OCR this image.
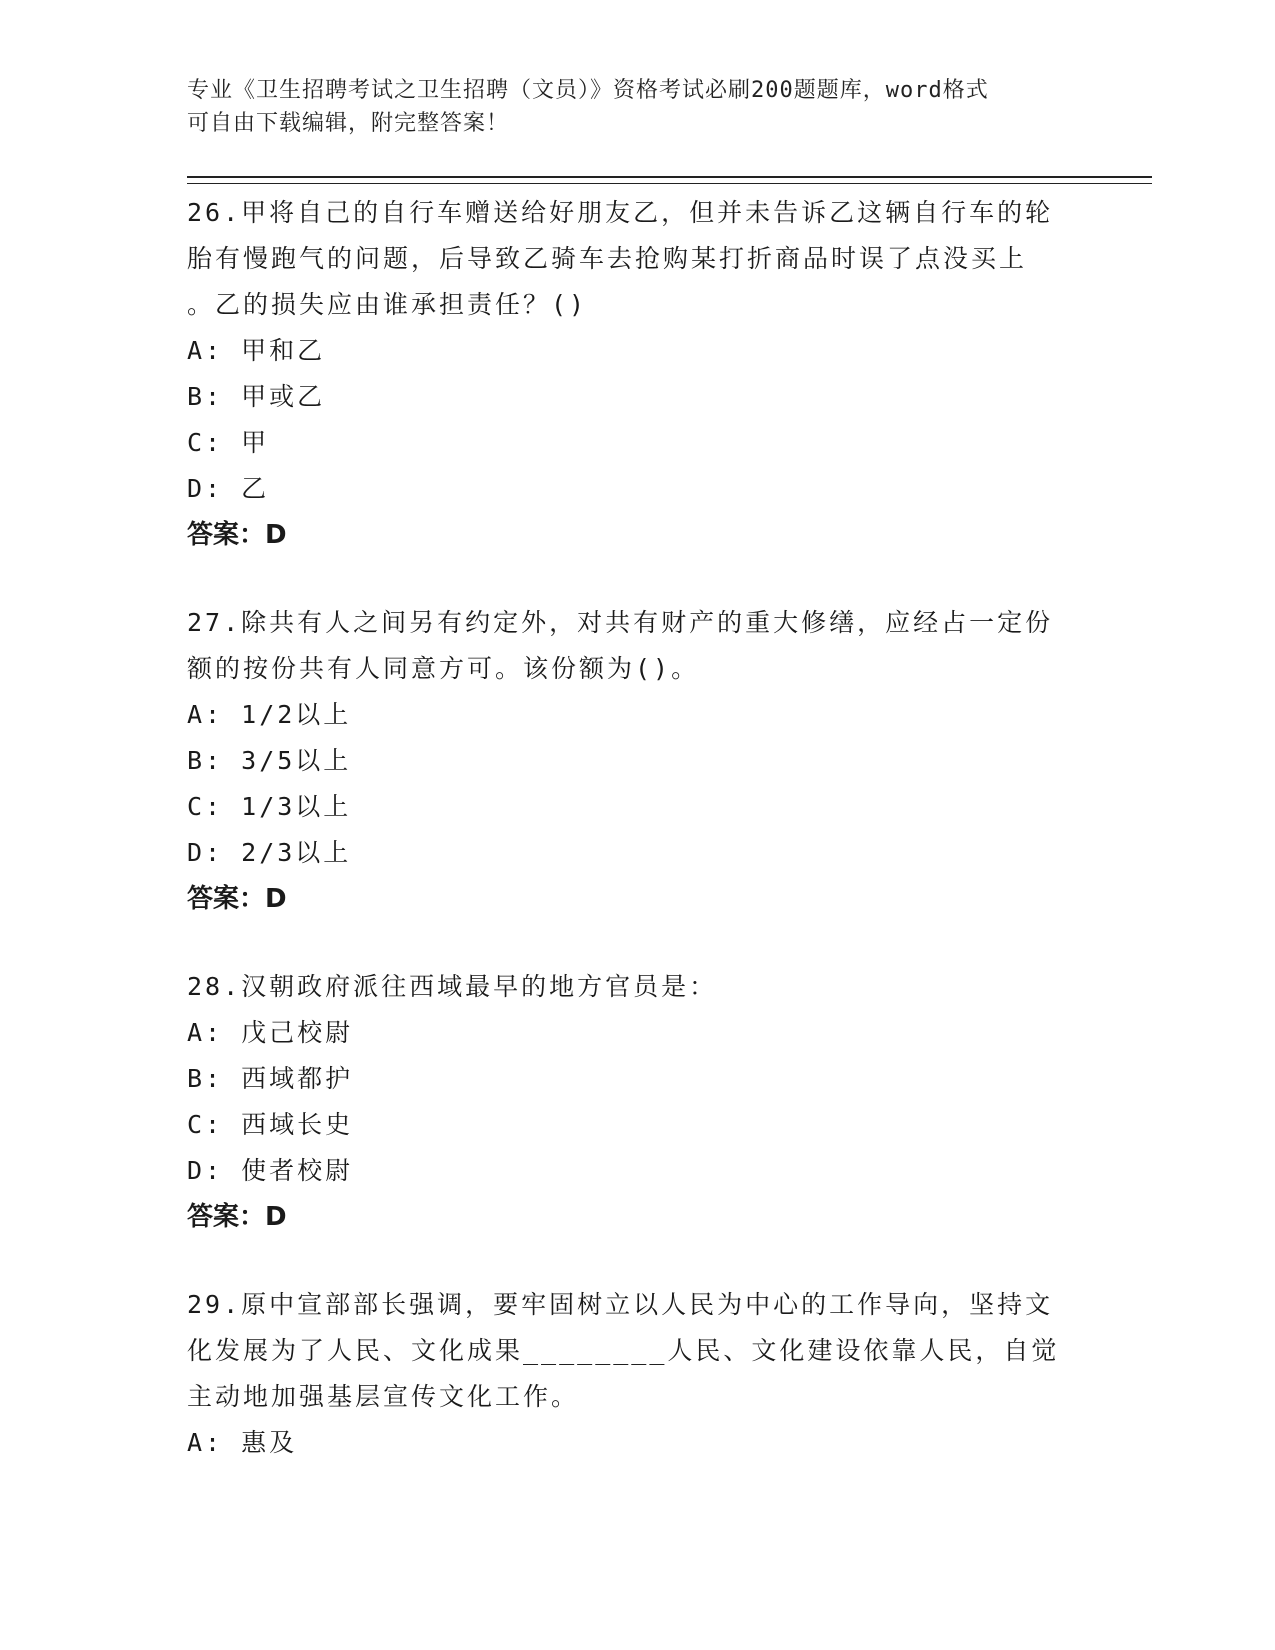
专业《卫生招聘考试之卫生招聘（文员）》资格考试必刷200题题库，word格式
可自由下载编辑，附完整答案！
26.甲将自己的自行车赠送给好朋友乙，但并未告诉乙这辆自行车的轮
胎有慢跑气的问题，后导致乙骑车去抢购某打折商品时误了点没买上
。乙的损失应由谁承担责任？()
A: 甲和乙
B: 甲或乙
C: 甲
D: 乙
答案：D
27.除共有人之间另有约定外，对共有财产的重大修缮，应经占一定份
额的按份共有人同意方可。该份额为()。
A: 1/2以上
B: 3/5以上
C: 1/3以上
D: 2/3以上
答案：D
28.汉朝政府派往西域最早的地方官员是：
A: 戊己校尉
B: 西域都护
C: 西域长史
D: 使者校尉
答案：D
29.原中宣部部长强调，要牢固树立以人民为中心的工作导向，坚持文
化发展为了人民、文化成果________人民、文化建设依靠人民，自觉
主动地加强基层宣传文化工作。
A: 惠及
